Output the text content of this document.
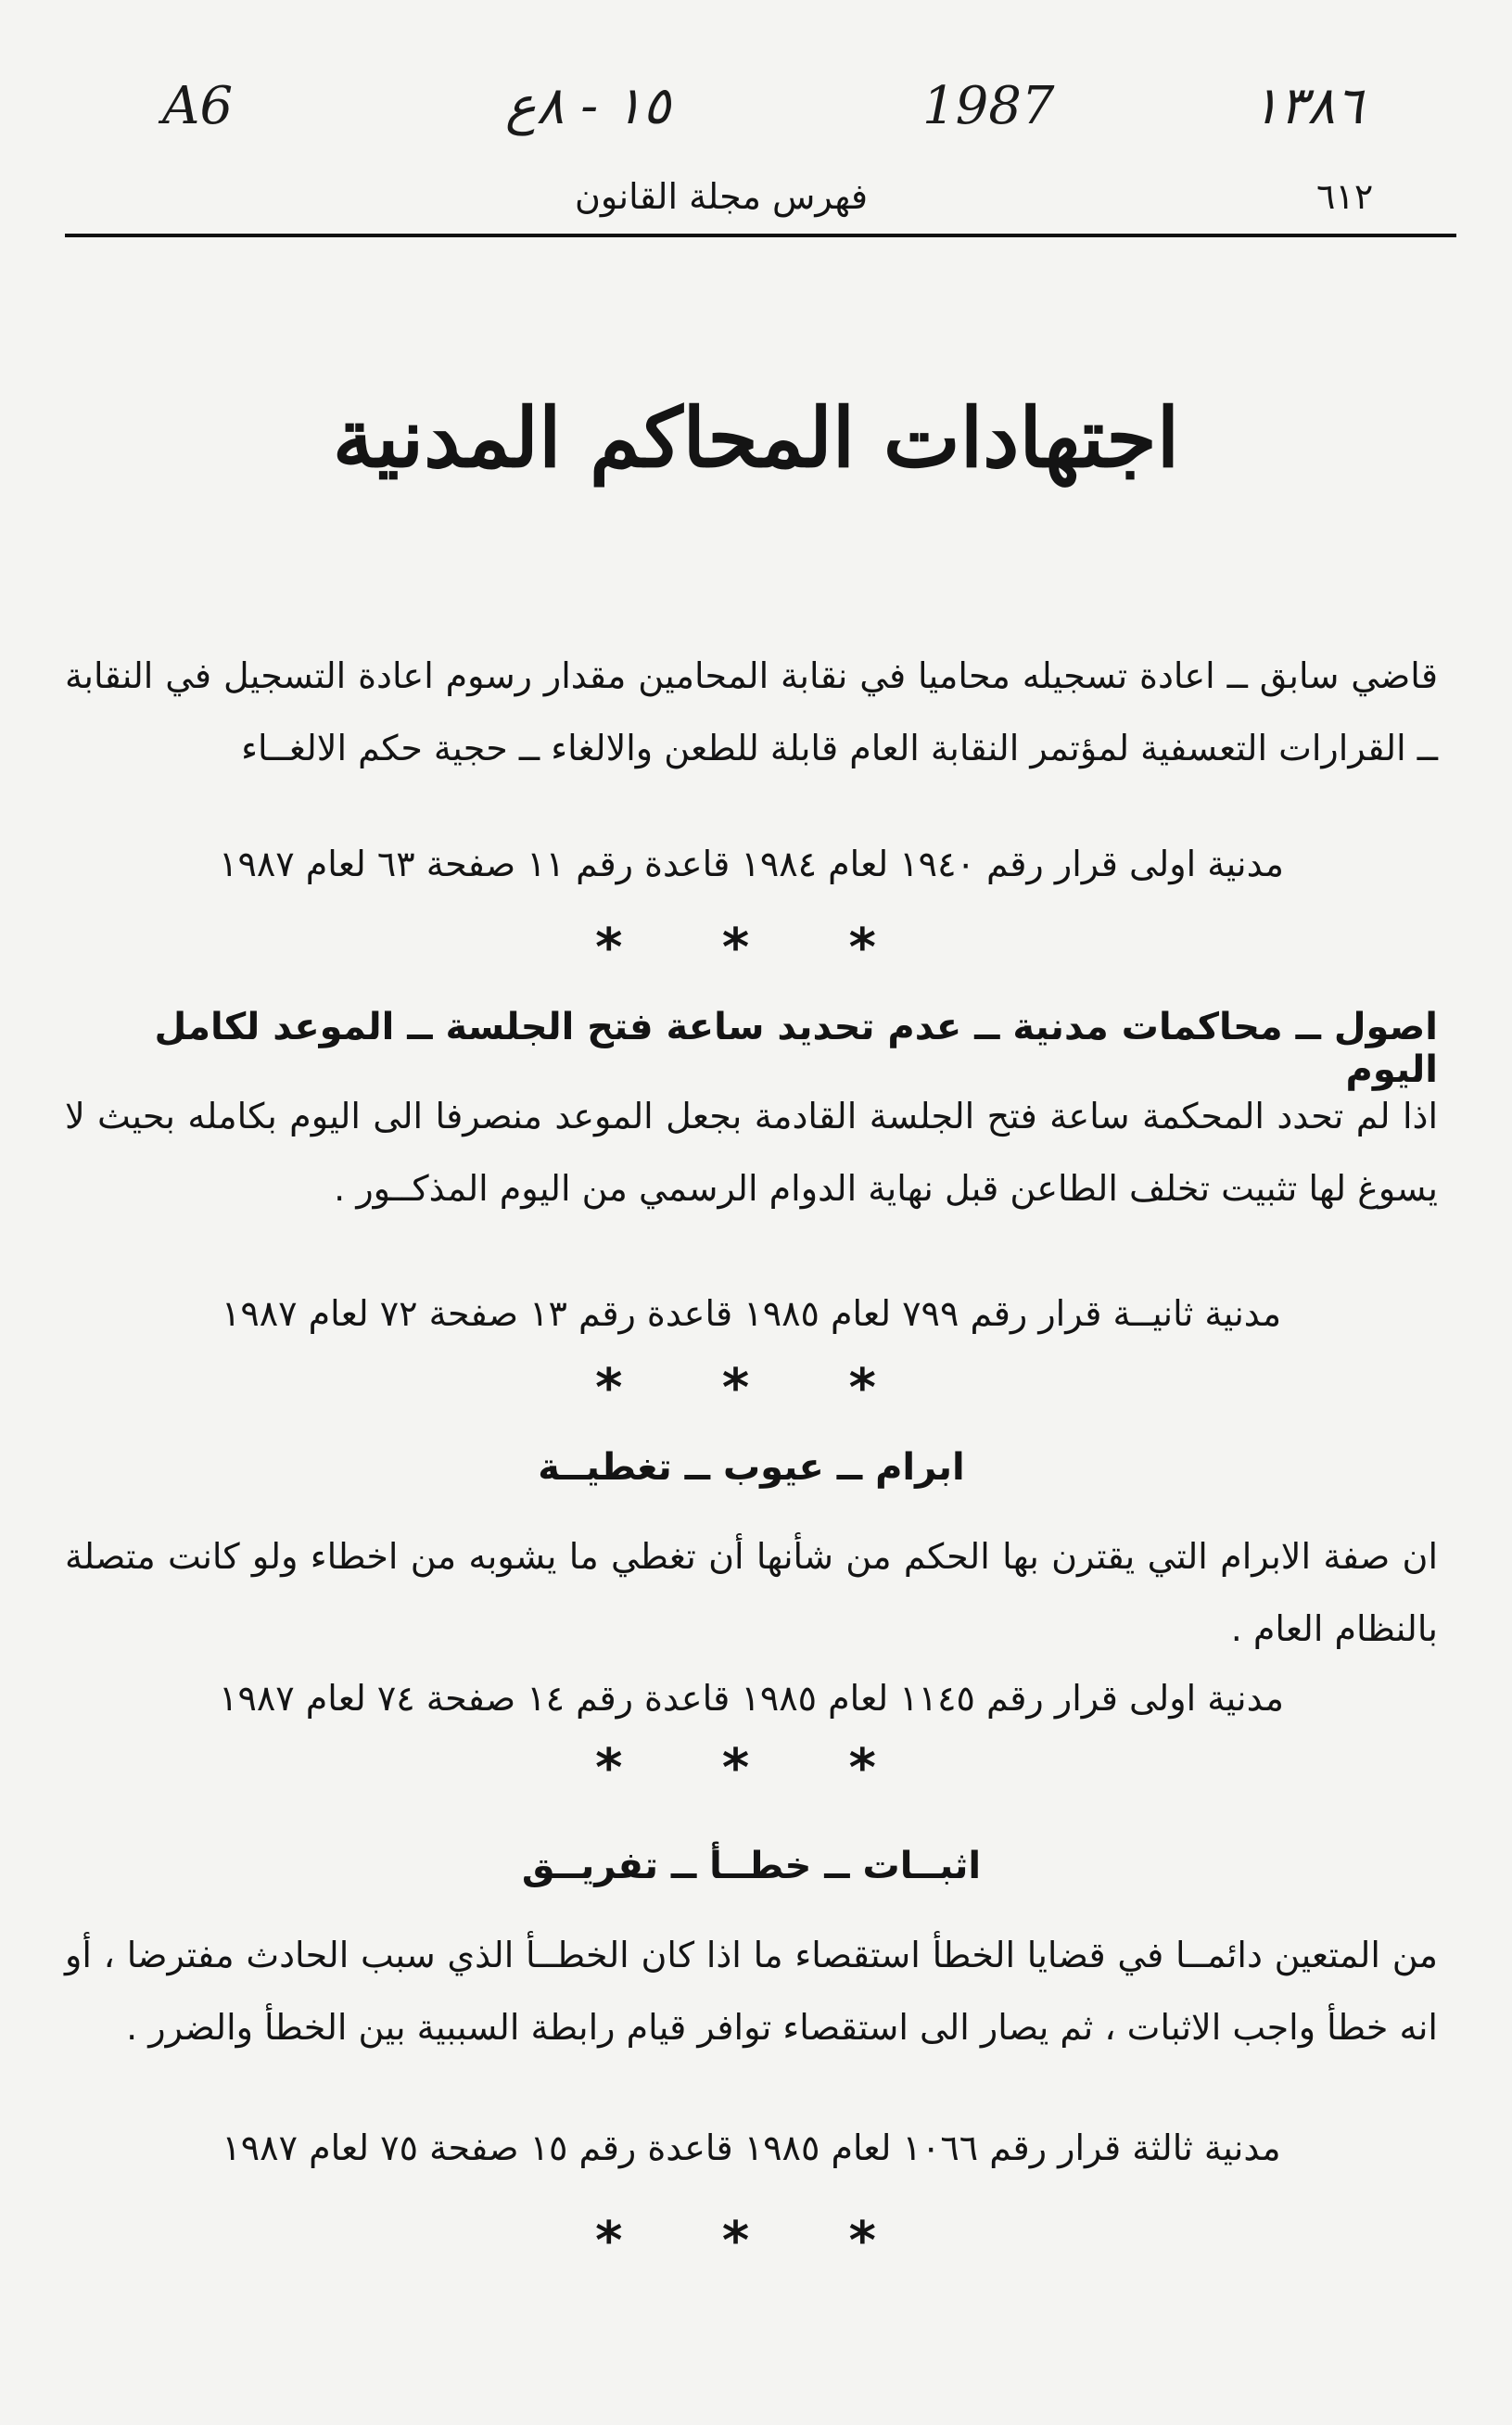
A6	١٥ - ٨ع	1987	١٣٨٦
فهرس مجلة القانون	٦١٢
اجتهادات المحاكم المدنية
قاضي سابق ــ اعادة تسجيله محاميا في نقابة المحامين مقدار رسوم اعادة التسجيل في النقابة ــ القرارات التعسفية لمؤتمر النقابة العام قابلة للطعن والالغاء ــ حجية حكم الالغــاء
مدنية اولى قرار رقم ١٩٤٠ لعام ١٩٨٤ قاعدة رقم ١١ صفحة ٦٣ لعام ١٩٨٧
* * *
اصول ــ محاكمات مدنية ــ عدم تحديد ساعة فتح الجلسة ــ الموعد لكامل اليوم
اذا لم تحدد المحكمة ساعة فتح الجلسة القادمة بجعل الموعد منصرفا الى اليوم بكامله بحيث لا يسوغ لها تثبيت تخلف الطاعن قبل نهاية الدوام الرسمي من اليوم المذكــور .
مدنية ثانيــة قرار رقم ٧٩٩ لعام ١٩٨٥ قاعدة رقم ١٣ صفحة ٧٢ لعام ١٩٨٧
* * *
ابرام ــ عيوب ــ تغطيــة
ان صفة الابرام التي يقترن بها الحكم من شأنها أن تغطي ما يشوبه من اخطاء ولو كانت متصلة بالنظام العام .
مدنية اولى قرار رقم ١١٤٥ لعام ١٩٨٥ قاعدة رقم ١٤ صفحة ٧٤ لعام ١٩٨٧
* * *
اثبــات ــ خطــأ ــ تفريــق
من المتعين دائمــا في قضايا الخطأ استقصاء ما اذا كان الخطــأ الذي سبب الحادث مفترضا ، أو انه خطأ واجب الاثبات ، ثم يصار الى استقصاء توافر قيام رابطة السببية بين الخطأ والضرر .
مدنية ثالثة قرار رقم ١٠٦٦ لعام ١٩٨٥ قاعدة رقم ١٥ صفحة ٧٥ لعام ١٩٨٧
* * *
